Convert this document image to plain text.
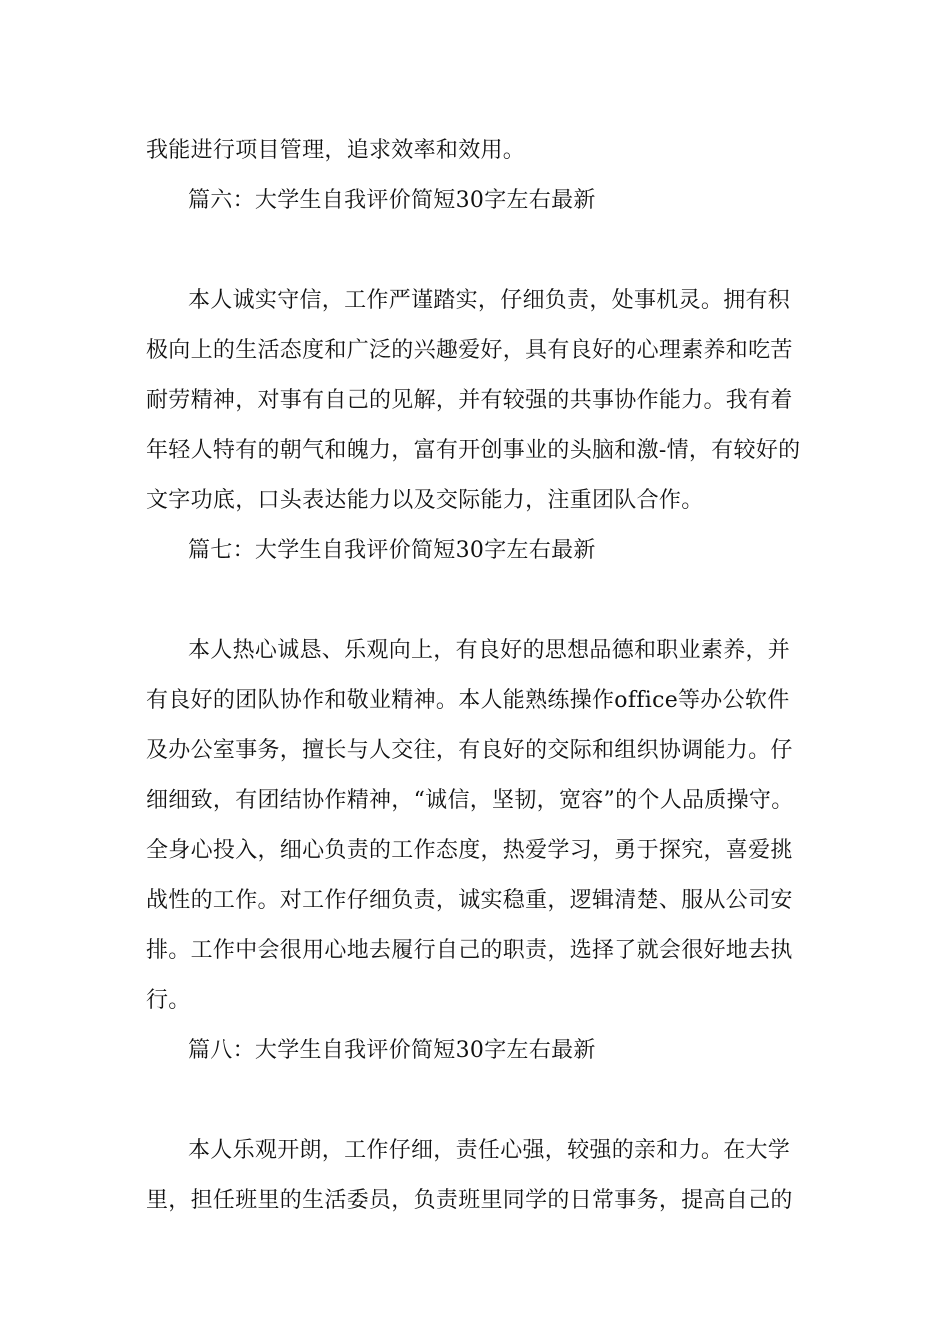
我能进行项目管理，追求效率和效用。
篇六：大学生自我评价简短30字左右最新
本人诚实守信，工作严谨踏实，仔细负责，处事机灵。拥有积
极向上的生活态度和广泛的兴趣爱好，具有良好的心理素养和吃苦
耐劳精神，对事有自己的见解，并有较强的共事协作能力。我有着
年轻人特有的朝气和魄力，富有开创事业的头脑和激-情，有较好的
文字功底，口头表达能力以及交际能力，注重团队合作。
篇七：大学生自我评价简短30字左右最新
本人热心诚恳、乐观向上，有良好的思想品德和职业素养，并
有良好的团队协作和敬业精神。本人能熟练操作office等办公软件
及办公室事务，擅长与人交往，有良好的交际和组织协调能力。仔
细细致，有团结协作精神，“诚信，坚韧，宽容”的个人品质操守。
全身心投入，细心负责的工作态度，热爱学习，勇于探究，喜爱挑
战性的工作。对工作仔细负责，诚实稳重，逻辑清楚、服从公司安
排。工作中会很用心地去履行自己的职责，选择了就会很好地去执
行。
篇八：大学生自我评价简短30字左右最新
本人乐观开朗，工作仔细，责任心强，较强的亲和力。在大学
里，担任班里的生活委员，负责班里同学的日常事务，提高自己的
